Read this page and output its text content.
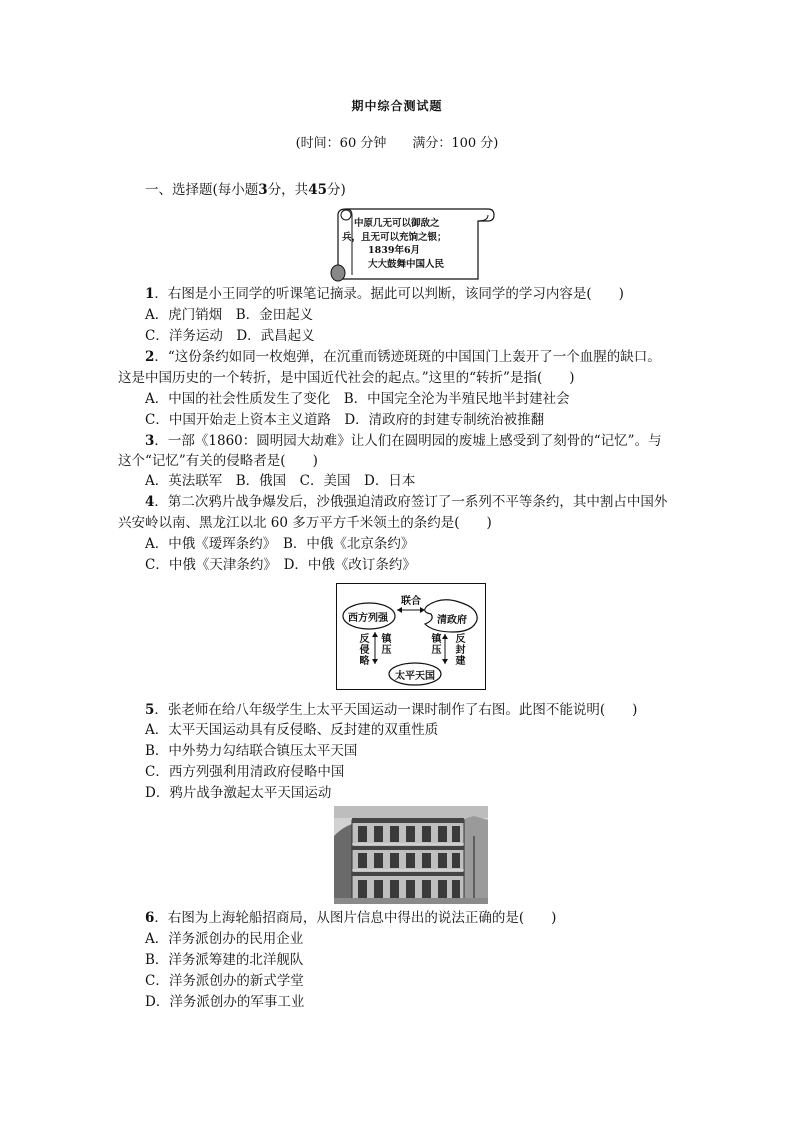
期中综合测试题
(时间：60 分钟　　满分：100 分)
一、选择题(每小题3分，共45分)
中原几无可以御敌之
兵，且无可以充饷之银；
1839年6月
大大鼓舞中国人民
1．右图是小王同学的听课笔记摘录。据此可以判断，该同学的学习内容是(　　)
A．虎门销烟　B．金田起义
C．洋务运动　D．武昌起义
2．“这份条约如同一枚炮弹，在沉重而锈迹斑斑的中国国门上轰开了一个血腥的缺口。
这是中国历史的一个转折，是中国近代社会的起点。”这里的“转折”是指(　　)
A．中国的社会性质发生了变化　B．中国完全沦为半殖民地半封建社会
C．中国开始走上资本主义道路　D．清政府的封建专制统治被推翻
3．一部《1860：圆明园大劫难》让人们在圆明园的废墟上感受到了刻骨的“记忆”。与
这个“记忆”有关的侵略者是(　　)
A．英法联军　B．俄国　C．美国　D．日本
4．第二次鸦片战争爆发后，沙俄强迫清政府签订了一系列不平等条约，其中割占中国外
兴安岭以南、黑龙江以北 60 多万平方千米领土的条约是(　　)
A．中俄《瑷珲条约》　B．中俄《北京条约》
C．中俄《天津条约》　D．中俄《改订条约》
西方列强	清政府
太平天国
联合
反侵略
镇压
镇压
反封建
5．张老师在给八年级学生上太平天国运动一课时制作了右图。此图不能说明(　　)
A．太平天国运动具有反侵略、反封建的双重性质
B．中外势力勾结联合镇压太平天国
C．西方列强利用清政府侵略中国
D．鸦片战争激起太平天国运动
6．右图为上海轮船招商局，从图片信息中得出的说法正确的是(　　)
A．洋务派创办的民用企业
B．洋务派筹建的北洋舰队
C．洋务派创办的新式学堂
D．洋务派创办的军事工业
